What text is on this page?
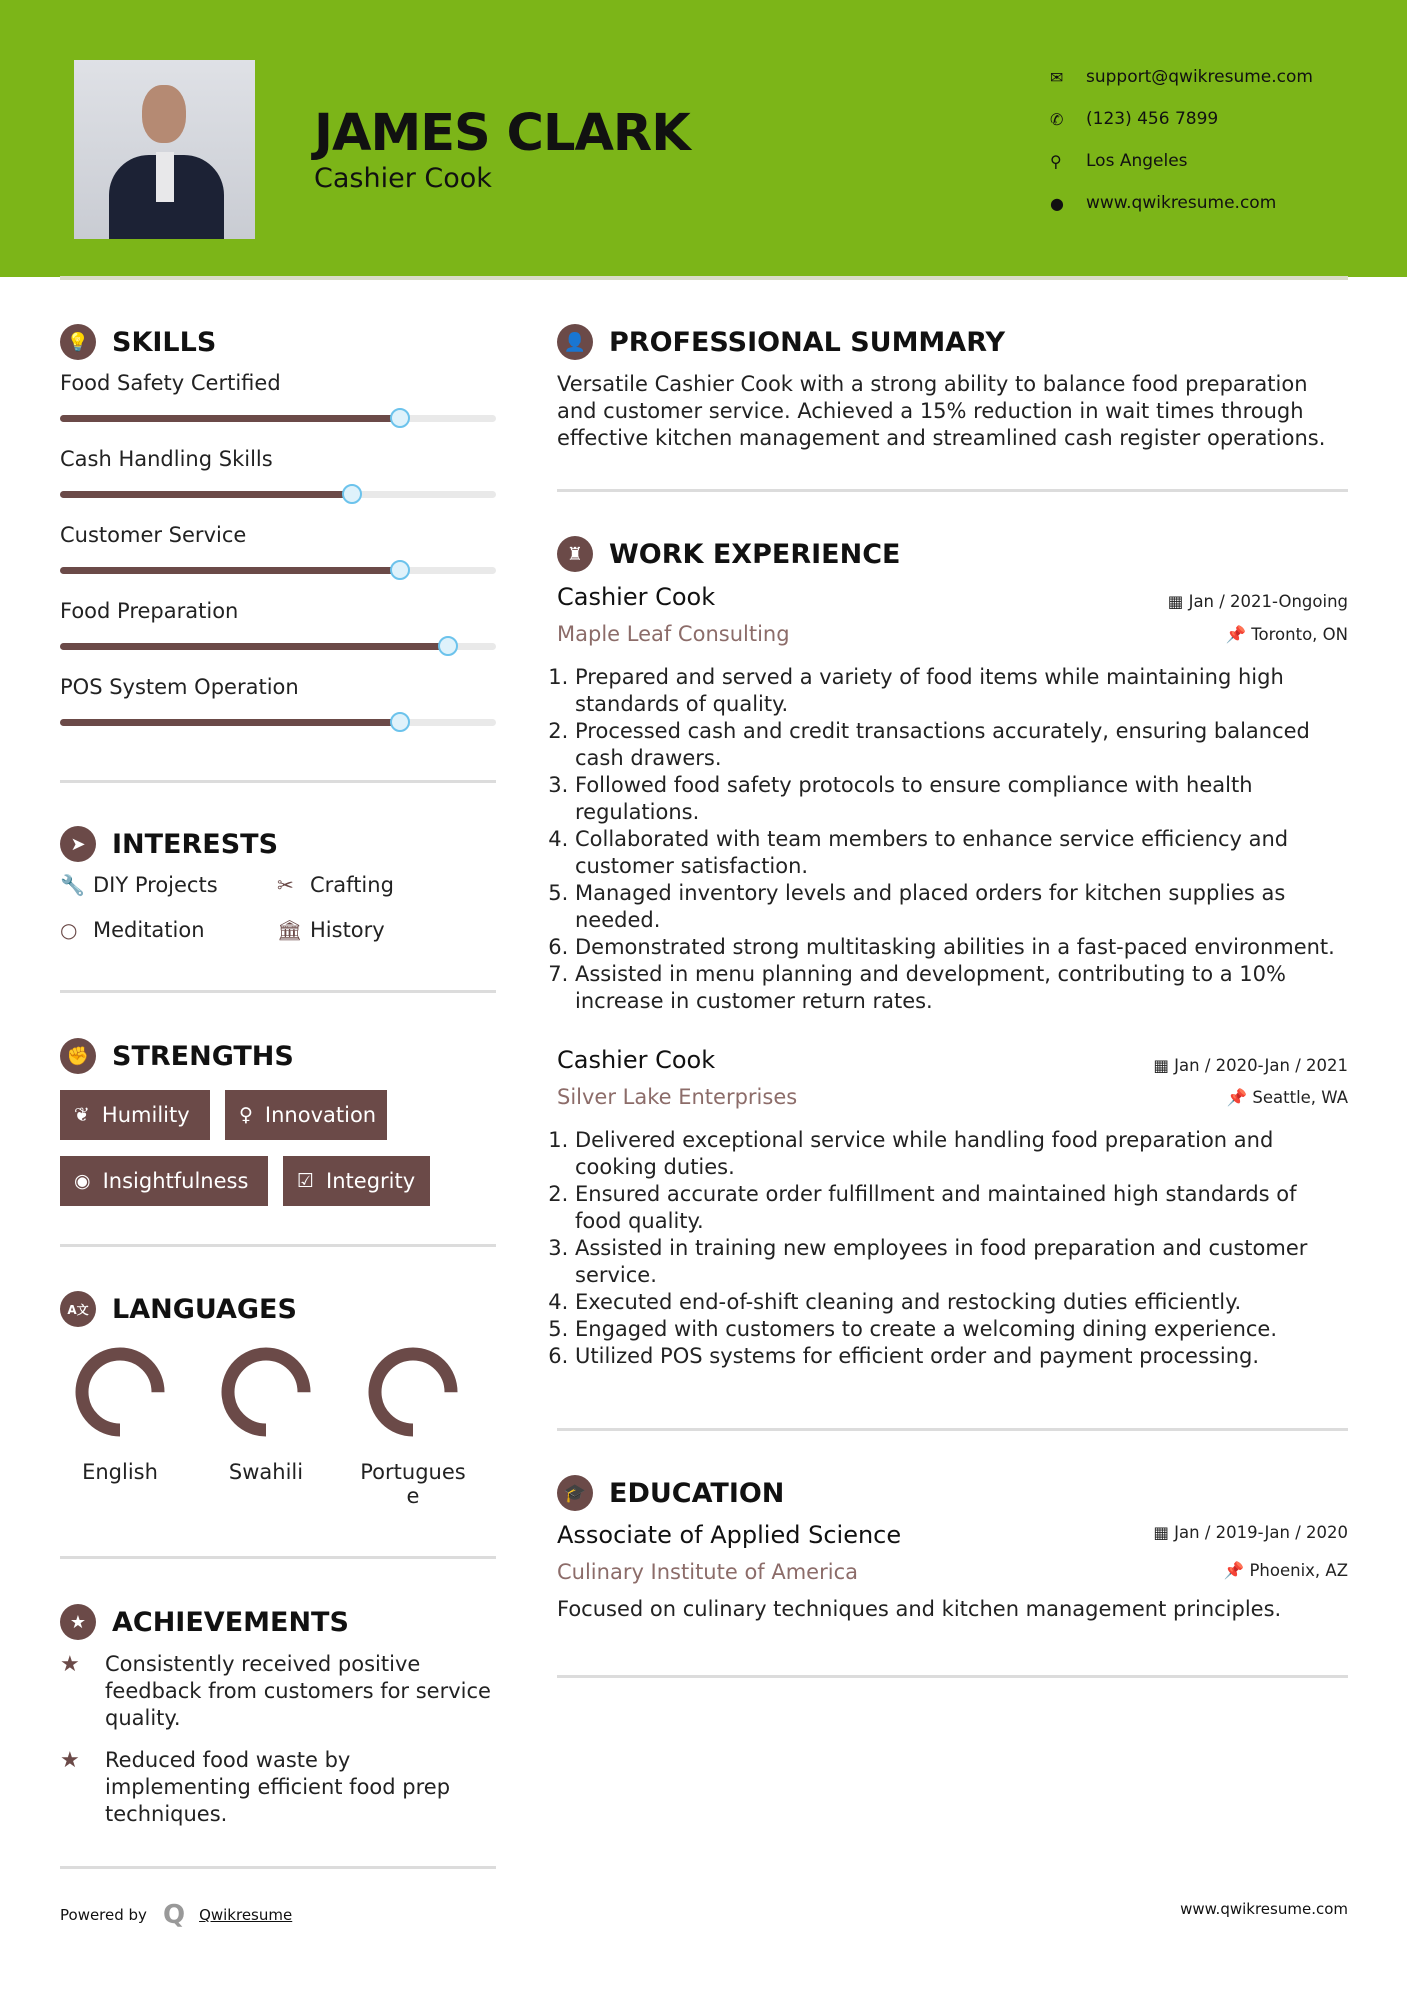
JAMES CLARK
Cashier Cook
✉	support@qwikresume.com
✆	(123) 456 7899
⚲	Los Angeles
●	www.qwikresume.com
💡 SKILLS
Food Safety Certified
Cash Handling Skills
Customer Service
Food Preparation
POS System Operation
➤ INTERESTS
🔧 DIY Projects	✂ Crafting
○ Meditation	🏛 History
✊ STRENGTHS
❦ Humility	♀ Innovation
◉ Insightfulness	☑ Integrity
A文 LANGUAGES
English	Swahili	Portugues e
★ ACHIEVEMENTS
★	Consistently received positive feedback from customers for service quality.
★	Reduced food waste by implementing efficient food prep techniques.
👤 PROFESSIONAL SUMMARY
Versatile Cashier Cook with a strong ability to balance food preparation and customer service. Achieved a 15% reduction in wait times through effective kitchen management and streamlined cash register operations.
♜ WORK EXPERIENCE
Cashier Cook	▦ Jan / 2021-Ongoing
Maple Leaf Consulting	📌 Toronto, ON
1. Prepared and served a variety of food items while maintaining high standards of quality.
2. Processed cash and credit transactions accurately, ensuring balanced cash drawers.
3. Followed food safety protocols to ensure compliance with health regulations.
4. Collaborated with team members to enhance service efficiency and customer satisfaction.
5. Managed inventory levels and placed orders for kitchen supplies as needed.
6. Demonstrated strong multitasking abilities in a fast-paced environment.
7. Assisted in menu planning and development, contributing to a 10% increase in customer return rates.
Cashier Cook	▦ Jan / 2020-Jan / 2021
Silver Lake Enterprises	📌 Seattle, WA
1. Delivered exceptional service while handling food preparation and cooking duties.
2. Ensured accurate order fulfillment and maintained high standards of food quality.
3. Assisted in training new employees in food preparation and customer service.
4. Executed end-of-shift cleaning and restocking duties efficiently.
5. Engaged with customers to create a welcoming dining experience.
6. Utilized POS systems for efficient order and payment processing.
🎓 EDUCATION
Associate of Applied Science	▦ Jan / 2019-Jan / 2020
Culinary Institute of America	📌 Phoenix, AZ
Focused on culinary techniques and kitchen management principles.
Powered by Q Qwikresume	www.qwikresume.com
